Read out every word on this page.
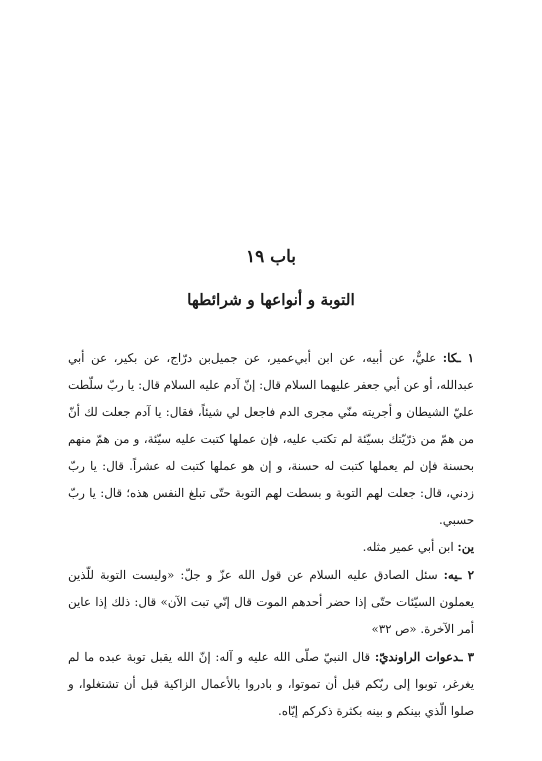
باب ١٩
التوبة و أنواعها و شرائطها

١ ـكا: عليٌّ، عن أبيه، عن ابن أبي‌عمير، عن جميل‌بن درّاج، عن بكير، عن أبي عبدالله، أو عن أبي جعفر عليهما السلام قال: إنّ آدم عليه السلام قال: يا ربّ سلّطت عليّ الشيطان و أجريته منّي مجرى الدم فاجعل لي شيئاً، فقال: يا آدم جعلت لك أنّ من همّ من ذرّيّتك بسيّئة لم تكتب عليه، فإن عملها كتبت عليه سيّئة، و من همّ منهم بحسنة فإن لم يعملها كتبت له حسنة، و إن هو عملها كتبت له عشراً. قال: يا ربّ زدني، قال: جعلت لهم التوبة و بسطت لهم التوبة حتّى تبلغ النفس هذه؛ قال: يا ربّ حسبي.

ين: ابن أبي عمير مثله.

٢ ـيه: سئل الصادق عليه السلام عن قول الله عزّ و جلّ: «وليست التوبة للّذين يعملون السيّئات حتّى إذا حضر أحدهم الموت قال إنّي تبت الآن» قال: ذلك إذا عاين أمر الآخرة. «ص ٣٢»

٣ ـدعوات الراونديّ: قال النبيّ صلّى الله عليه و آله: إنّ الله يقبل توبة عبده ما لم يغرغر، توبوا إلى ربّكم قبل أن تموتوا، و بادروا بالأعمال الزاكية قبل أن تشتغلوا، و صلوا الّذي بينكم و بينه بكثرة ذكركم إيّاه.
